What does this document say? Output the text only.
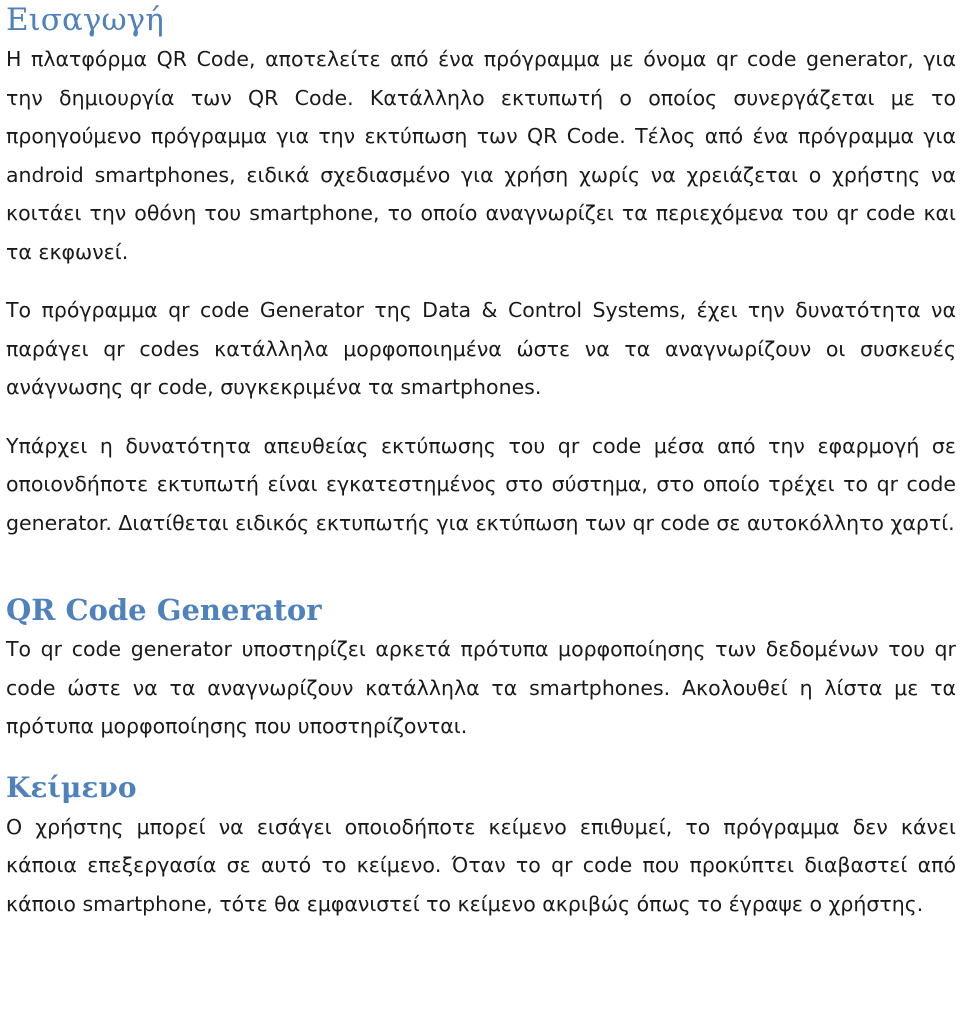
Εισαγωγή

Η πλατφόρμα QR Code, αποτελείτε από ένα πρόγραμμα με όνομα qr code generator, για την δημιουργία των QR Code. Κατάλληλο εκτυπωτή ο οποίος συνεργάζεται με το προηγούμενο πρόγραμμα για την εκτύπωση των QR Code. Τέλος από ένα πρόγραμμα για android smartphones, ειδικά σχεδιασμένο για χρήση χωρίς να χρειάζεται ο χρήστης να κοιτάει την οθόνη του smartphone, το οποίο αναγνωρίζει τα περιεχόμενα του qr code και τα εκφωνεί.

Το πρόγραμμα qr code Generator της Data & Control Systems, έχει την δυνατότητα να παράγει qr codes κατάλληλα μορφοποιημένα ώστε να τα αναγνωρίζουν οι συσκευές ανάγνωσης qr code, συγκεκριμένα τα smartphones.

Υπάρχει η δυνατότητα απευθείας εκτύπωσης του qr code μέσα από την εφαρμογή σε οποιονδήποτε εκτυπωτή είναι εγκατεστημένος στο σύστημα, στο οποίο τρέχει το qr code generator. Διατίθεται ειδικός εκτυπωτής για εκτύπωση των qr code σε αυτοκόλλητο χαρτί.

QR Code Generator

Το qr code generator υποστηρίζει αρκετά πρότυπα μορφοποίησης των δεδομένων του qr code ώστε να τα αναγνωρίζουν κατάλληλα τα smartphones. Ακολουθεί η λίστα με τα πρότυπα μορφοποίησης που υποστηρίζονται.

Κείμενο

Ο χρήστης μπορεί να εισάγει οποιοδήποτε κείμενο επιθυμεί, το πρόγραμμα δεν κάνει κάποια επεξεργασία σε αυτό το κείμενο. Όταν το qr code που προκύπτει διαβαστεί από κάποιο smartphone, τότε θα εμφανιστεί το κείμενο ακριβώς όπως το έγραψε ο χρήστης.
